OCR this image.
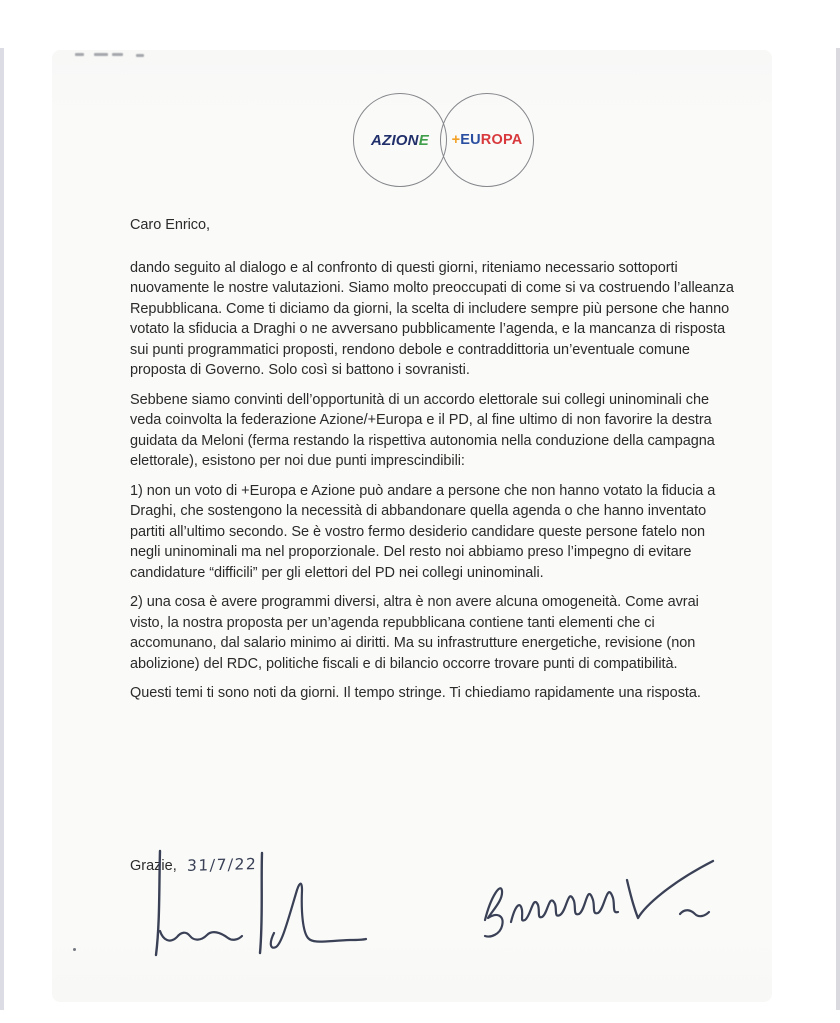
AZIONE +EUROPA

Caro Enrico,

dando seguito al dialogo e al confronto di questi giorni, riteniamo necessario sottoporti nuovamente le nostre valutazioni. Siamo molto preoccupati di come si va costruendo l’alleanza Repubblicana. Come ti diciamo da giorni, la scelta di includere sempre più persone che hanno votato la sfiducia a Draghi o ne avversano pubblicamente l’agenda, e la mancanza di risposta sui punti programmatici proposti, rendono debole e contraddittoria un’eventuale comune proposta di Governo. Solo così si battono i sovranisti.

Sebbene siamo convinti dell’opportunità di un accordo elettorale sui collegi uninominali che veda coinvolta la federazione Azione/+Europa e il PD, al fine ultimo di non favorire la destra guidata da Meloni (ferma restando la rispettiva autonomia nella conduzione della campagna elettorale), esistono per noi due punti imprescindibili:

1) non un voto di +Europa e Azione può andare a persone che non hanno votato la fiducia a Draghi, che sostengono la necessità di abbandonare quella agenda o che hanno inventato partiti all’ultimo secondo. Se è vostro fermo desiderio candidare queste persone fatelo non negli uninominali ma nel proporzionale. Del resto noi abbiamo preso l’impegno di evitare candidature “difficili” per gli elettori del PD nei collegi uninominali.

2) una cosa è avere programmi diversi, altra è non avere alcuna omogeneità. Come avrai visto, la nostra proposta per un’agenda repubblicana contiene tanti elementi che ci accomunano, dal salario minimo ai diritti. Ma su infrastrutture energetiche, revisione (non abolizione) del RDC, politiche fiscali e di bilancio occorre trovare punti di compatibilità.

Questi temi ti sono noti da giorni. Il tempo stringe. Ti chiediamo rapidamente una risposta.

Grazie, 31/7/22
